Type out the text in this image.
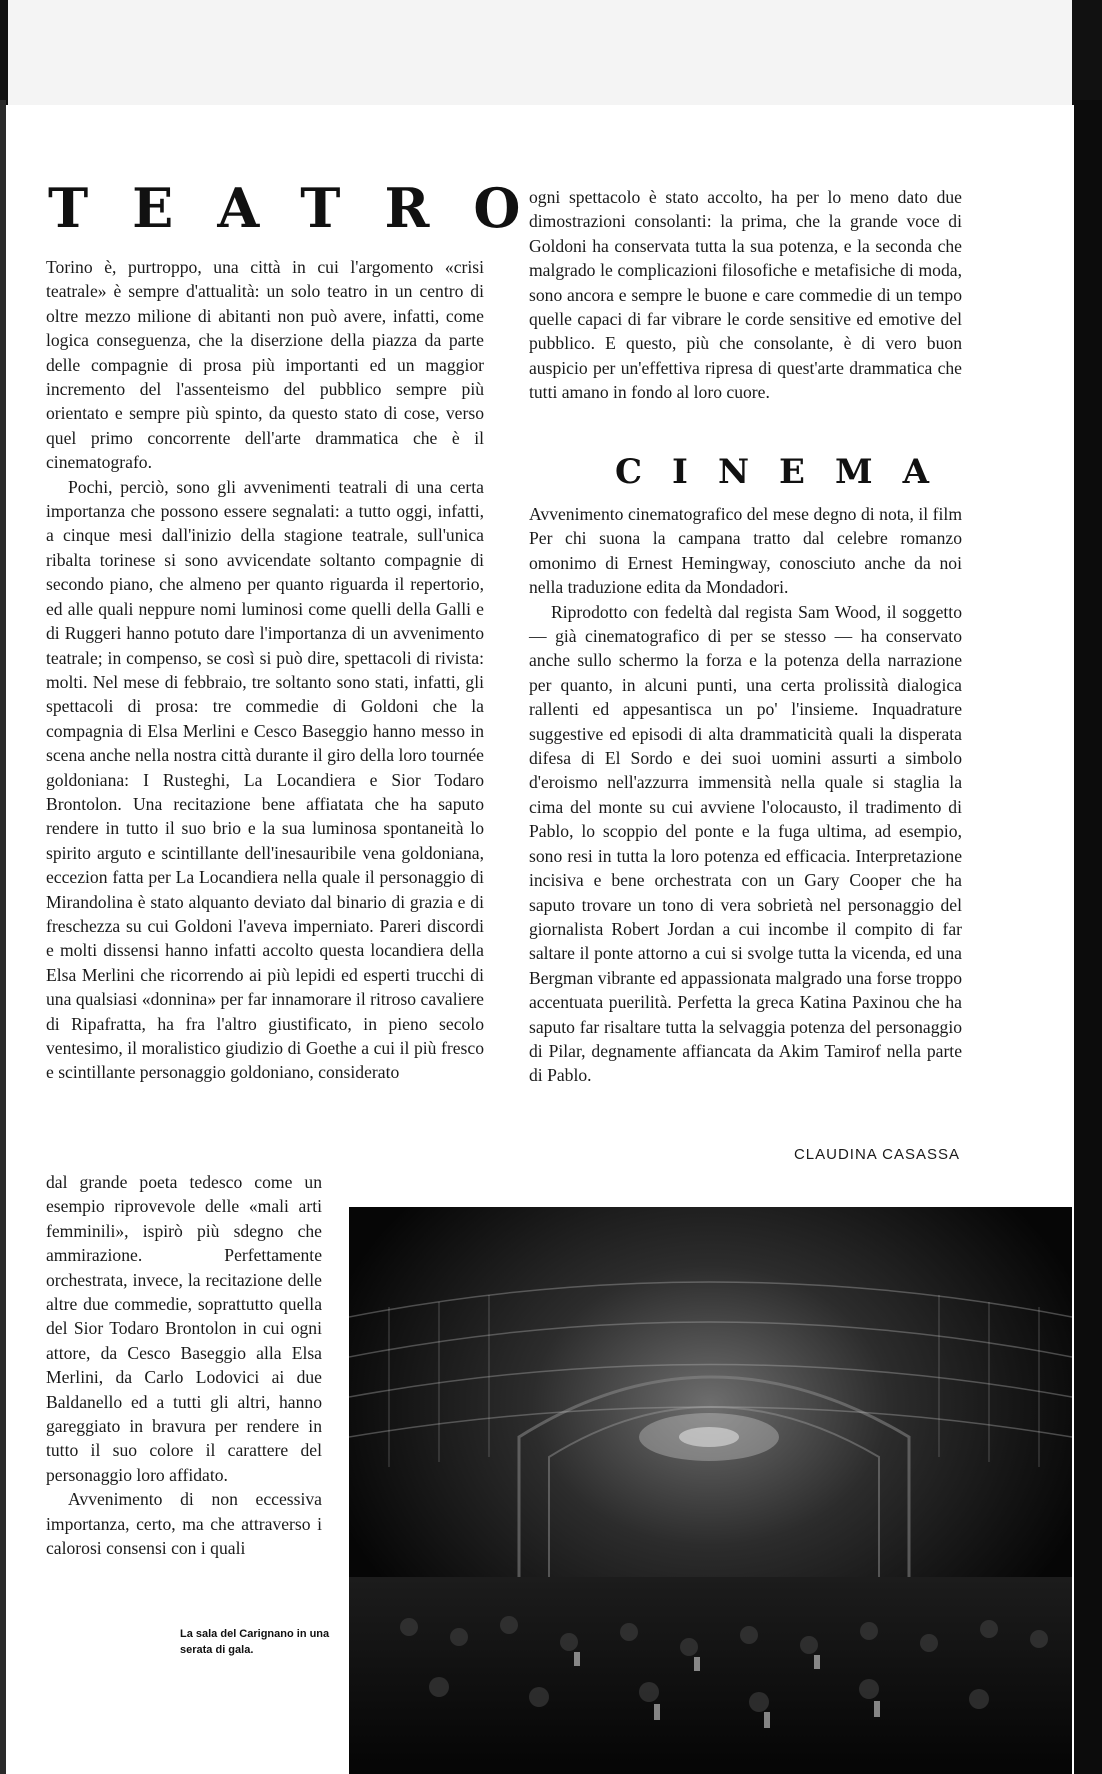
TEATRO

Torino è, purtroppo, una città in cui l'argomento «crisi teatrale» è sempre d'attualità: un solo teatro in un centro di oltre mezzo milione di abitanti non può avere, infatti, come logica conseguenza, che la diserzione della piazza da parte delle compagnie di prosa più importanti ed un maggior incremento del l'assenteismo del pubblico sempre più orientato e sempre più spinto, da questo stato di cose, verso quel primo concorrente dell'arte drammatica che è il cinematografo.

Pochi, perciò, sono gli avvenimenti teatrali di una certa importanza che possono essere segnalati: a tutto oggi, infatti, a cinque mesi dall'inizio della stagione teatrale, sull'unica ribalta torinese si sono avvicendate soltanto compagnie di secondo piano, che almeno per quanto riguarda il repertorio, ed alle quali neppure nomi luminosi come quelli della Galli e di Ruggeri hanno potuto dare l'importanza di un avvenimento teatrale; in compenso, se così si può dire, spettacoli di rivista: molti. Nel mese di febbraio, tre soltanto sono stati, infatti, gli spettacoli di prosa: tre commedie di Goldoni che la compagnia di Elsa Merlini e Cesco Baseggio hanno messo in scena anche nella nostra città durante il giro della loro tournée goldoniana: I Rusteghi, La Locandiera e Sior Todaro Brontolon. Una recitazione bene affiatata che ha saputo rendere in tutto il suo brio e la sua luminosa spontaneità lo spirito arguto e scintillante dell'inesauribile vena goldoniana, eccezion fatta per La Locandiera nella quale il personaggio di Mirandolina è stato alquanto deviato dal binario di grazia e di freschezza su cui Goldoni l'aveva imperniato. Pareri discordi e molti dissensi hanno infatti accolto questa locandiera della Elsa Merlini che ricorrendo ai più lepidi ed esperti trucchi di una qualsiasi «donnina» per far innamorare il ritroso cavaliere di Ripafratta, ha fra l'altro giustificato, in pieno secolo ventesimo, il moralistico giudizio di Goethe a cui il più fresco e scintillante personaggio goldoniano, considerato

dal grande poeta tedesco come un esempio riprovevole delle «mali arti femminili», ispirò più sdegno che ammirazione. Perfettamente orchestrata, invece, la recitazione delle altre due commedie, soprattutto quella del Sior Todaro Brontolon in cui ogni attore, da Cesco Baseggio alla Elsa Merlini, da Carlo Lodovici ai due Baldanello ed a tutti gli altri, hanno gareggiato in bravura per rendere in tutto il suo colore il carattere del personaggio loro affidato.

Avvenimento di non eccessiva importanza, certo, ma che attraverso i calorosi consensi con i quali

ogni spettacolo è stato accolto, ha per lo meno dato due dimostrazioni consolanti: la prima, che la grande voce di Goldoni ha conservata tutta la sua potenza, e la seconda che malgrado le complicazioni filosofiche e metafisiche di moda, sono ancora e sempre le buone e care commedie di un tempo quelle capaci di far vibrare le corde sensitive ed emotive del pubblico. E questo, più che consolante, è di vero buon auspicio per un'effettiva ripresa di quest'arte drammatica che tutti amano in fondo al loro cuore.

CINEMA

Avvenimento cinematografico del mese degno di nota, il film Per chi suona la campana tratto dal celebre romanzo omonimo di Ernest Hemingway, conosciuto anche da noi nella traduzione edita da Mondadori.

Riprodotto con fedeltà dal regista Sam Wood, il soggetto — già cinematografico di per se stesso — ha conservato anche sullo schermo la forza e la potenza della narrazione per quanto, in alcuni punti, una certa prolissità dialogica rallenti ed appesantisca un po' l'insieme. Inquadrature suggestive ed episodi di alta drammaticità quali la disperata difesa di El Sordo e dei suoi uomini assurti a simbolo d'eroismo nell'azzurra immensità nella quale si staglia la cima del monte su cui avviene l'olocausto, il tradimento di Pablo, lo scoppio del ponte e la fuga ultima, ad esempio, sono resi in tutta la loro potenza ed efficacia. Interpretazione incisiva e bene orchestrata con un Gary Cooper che ha saputo trovare un tono di vera sobrietà nel personaggio del giornalista Robert Jordan a cui incombe il compito di far saltare il ponte attorno a cui si svolge tutta la vicenda, ed una Bergman vibrante ed appassionata malgrado una forse troppo accentuata puerilità. Perfetta la greca Katina Paxinou che ha saputo far risaltare tutta la selvaggia potenza del personaggio di Pilar, degnamente affiancata da Akim Tamirof nella parte di Pablo.

CLAUDINA CASASSA
La sala del Carignano in una serata di gala.
